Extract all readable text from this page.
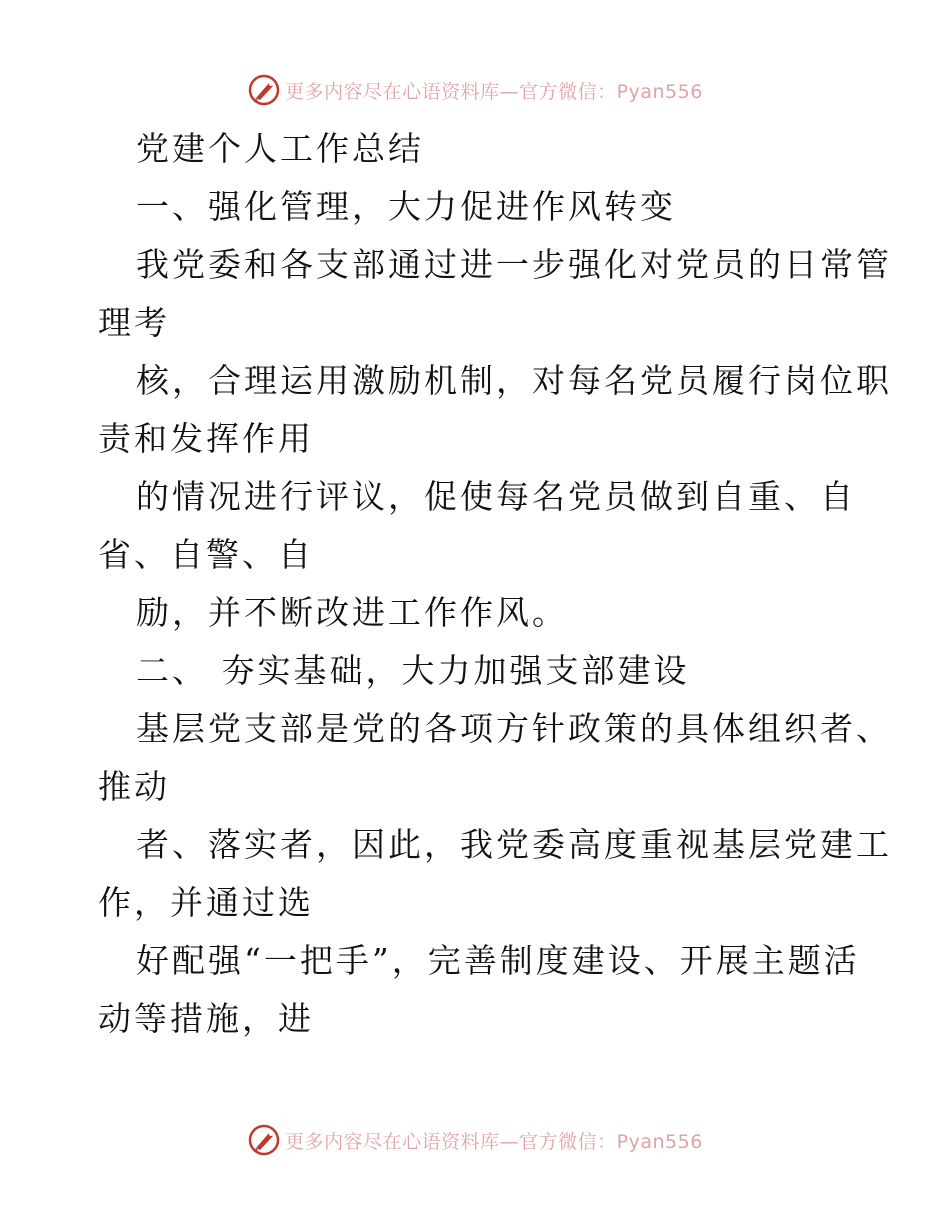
更多内容尽在心语资料库—官方微信：Pyan556
党建个人工作总结
一、强化管理，大力促进作风转变
我党委和各支部通过进一步强化对党员的日常管
理考
核，合理运用激励机制，对每名党员履行岗位职
责和发挥作用
的情况进行评议，促使每名党员做到自重、自
省、自警、自
励，并不断改进工作作风。
二、 夯实基础，大力加强支部建设
基层党支部是党的各项方针政策的具体组织者、
推动
者、落实者，因此，我党委高度重视基层党建工
作，并通过选
好配强“一把手”，完善制度建设、开展主题活
动等措施，进
更多内容尽在心语资料库—官方微信：Pyan556
